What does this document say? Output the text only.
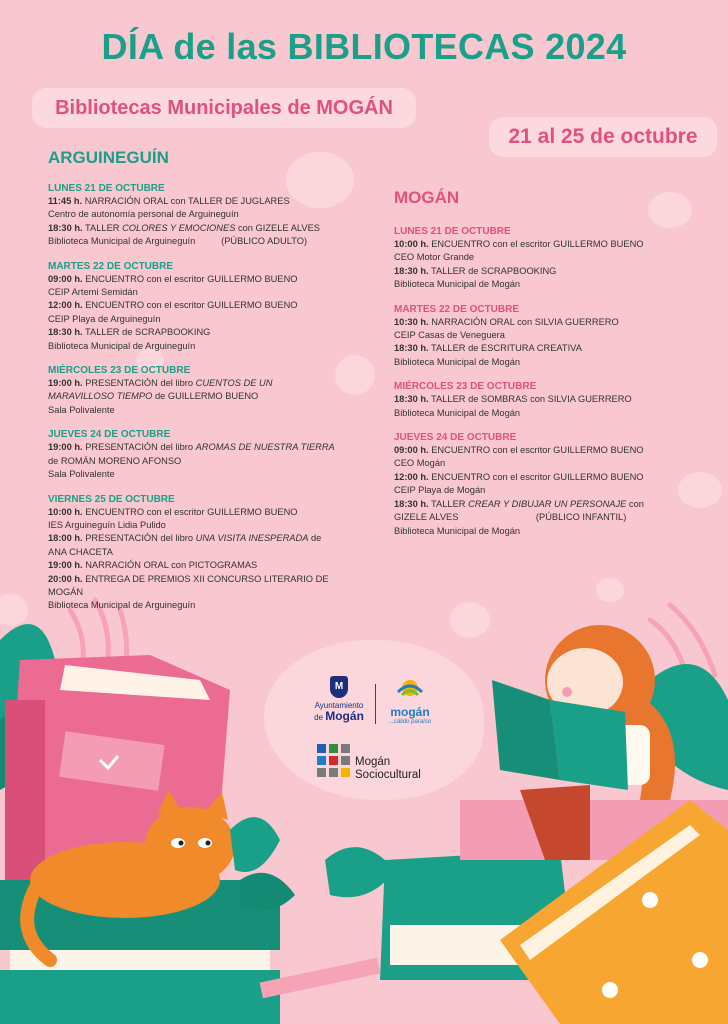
DÍA de las BIBLIOTECAS 2024
Bibliotecas Municipales de MOGÁN
21 al 25 de octubre
ARGUINEGUÍN
LUNES 21 DE OCTUBRE
11:45 h. NARRACIÓN ORAL con TALLER DE JUGLARES
Centro de autonomía personal de Arguineguín
18:30 h. TALLER COLORES Y EMOCIONES con GIZELE ALVES
Biblioteca Municipal de Arguineguín          (PÚBLICO ADULTO)
MARTES 22 DE OCTUBRE
09:00 h. ENCUENTRO con el escritor GUILLERMO BUENO
CEIP Artemi Semidán
12:00 h. ENCUENTRO con el escritor GUILLERMO BUENO
CEIP Playa de Arguineguín
18:30 h. TALLER de SCRAPBOOKING
Biblioteca Municipal de Arguineguín
MIÉRCOLES 23 DE OCTUBRE
19:00 h. PRESENTACIÓN del libro CUENTOS DE UN
MARAVILLOSO TIEMPO de GUILLERMO BUENO
Sala Polivalente
JUEVES 24 DE OCTUBRE
19:00 h. PRESENTACIÓN del libro AROMAS DE NUESTRA TIERRA
de ROMÁN MORENO AFONSO
Sala Polivalente
VIERNES 25 DE OCTUBRE
10:00 h. ENCUENTRO con el escritor GUILLERMO BUENO
IES Arguineguín Lidia Pulido
18:00 h. PRESENTACIÓN del libro UNA VISITA INESPERADA de
ANA CHACETA
19:00 h. NARRACIÓN ORAL con PICTOGRAMAS
20:00 h. ENTREGA DE PREMIOS XII CONCURSO LITERARIO DE
MOGÁN
Biblioteca Municipal de Arguineguín
MOGÁN
LUNES 21 DE OCTUBRE
10:00 h. ENCUENTRO con el escritor GUILLERMO BUENO
CEO Motor Grande
18:30 h. TALLER de SCRAPBOOKING
Biblioteca Municipal de Mogán
MARTES 22 DE OCTUBRE
10:30 h. NARRACIÓN ORAL con SILVIA GUERRERO
CEIP Casas de Veneguera
18:30 h. TALLER de ESCRITURA CREATIVA
Biblioteca Municipal de Mogán
MIÉRCOLES 23 DE OCTUBRE
18:30 h. TALLER de SOMBRAS con SILVIA GUERRERO
Biblioteca Municipal de Mogán
JUEVES 24 DE OCTUBRE
09:00 h. ENCUENTRO con el escritor GUILLERMO BUENO
CEO Mogán
12:00 h. ENCUENTRO con el escritor GUILLERMO BUENO
CEIP Playa de Mogán
18:30 h. TALLER CREAR Y DIBUJAR UN PERSONAJE con
GIZELE ALVES                              (PÚBLICO INFANTIL)
Biblioteca Municipal de Mogán
M
Ayuntamiento
de Mogán	mogán
...cálido paraíso
Mogán
Sociocultural
